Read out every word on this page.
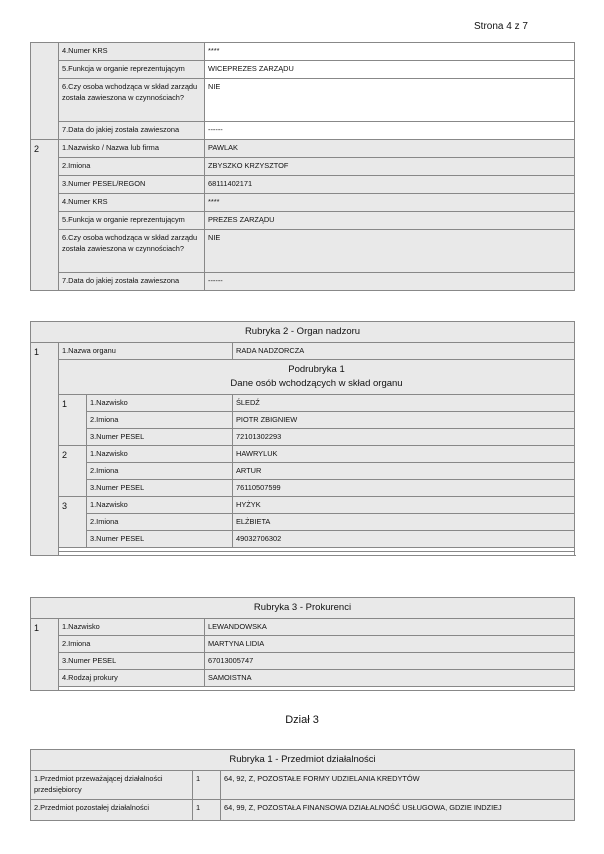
Strona 4 z 7
	4.Numer KRS	****
	5.Funkcja w organie reprezentującym	WICEPREZES ZARZĄDU
	6.Czy osoba wchodząca w skład zarządu została zawieszona w czynnościach?	NIE
	7.Data do jakiej została zawieszona	------
2	1.Nazwisko / Nazwa lub firma	PAWLAK
	2.Imiona	ZBYSZKO KRZYSZTOF
	3.Numer PESEL/REGON	68111402171
	4.Numer KRS	****
	5.Funkcja w organie reprezentującym	PREZES ZARZĄDU
	6.Czy osoba wchodząca w skład zarządu została zawieszona w czynnościach?	NIE
	7.Data do jakiej została zawieszona	------
Rubryka 2 - Organ nadzoru			
1	1.Nazwa organu		RADA NADZORCZA

	Podrubryka 1
Dane osób wchodzących w skład organu		

	1	1.Nazwisko	ŚLEDŹ
		2.Imiona	PIOTR ZBIGNIEW
		3.Numer PESEL	72101302293
	2	1.Nazwisko	HAWRYLUK
		2.Imiona	ARTUR
		3.Numer PESEL	76110507599
	3	1.Nazwisko	HYŻYK
		2.Imiona	ELŻBIETA
		3.Numer PESEL	49032706302

Rubryka 3 - Prokurenci		
1	1.Nazwisko	LEWANDOWSKA
	2.Imiona	MARTYNA LIDIA
	3.Numer PESEL	67013005747
	4.Rodzaj prokury	SAMOISTNA

Dział 3
Rubryka 1 - Przedmiot działalności		
1.Przedmiot przeważającej działalności przedsiębiorcy	1	64, 92, Z, POZOSTAŁE FORMY UDZIELANIA KREDYTÓW
2.Przedmiot pozostałej działalności	1	64, 99, Z, POZOSTAŁA FINANSOWA DZIAŁALNOŚĆ USŁUGOWA, GDZIE INDZIEJ
